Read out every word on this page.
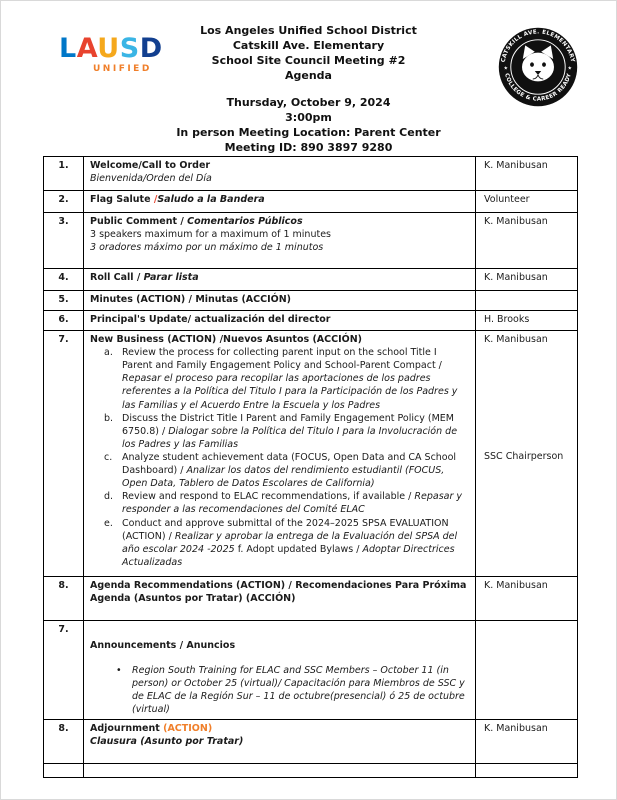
LAUSD
UNIFIED
CATSKILL AVE. ELEMENTARY
COLLEGE & CAREER READY
★	★
Los Angeles Unified School District
Catskill Ave. Elementary
School Site Council Meeting #2
Agenda
Thursday, October 9, 2024
3:00pm
In person Meeting Location: Parent Center
Meeting ID: 890 3897 9280
1.	Welcome/Call to Order
Bienvenida/Orden del Día	K. Manibusan

2.	Flag Salute /Saludo a la Bandera	Volunteer

3.	Public Comment / Comentarios Públicos
3 speakers maximum for a maximum of 1 minutes
3 oradores máximo por un máximo de 1 minutos	K. Manibusan

4.	Roll Call / Parar lista	K. Manibusan

5.	Minutes (ACTION) / Minutas (ACCIÓN)	

6.	Principal's Update/ actualización del director	H. Brooks

7.	New Business (ACTION) /Nuevos Asuntos (ACCIÓN)
a. Review the process for collecting parent input on the school Title I Parent and Family Engagement Policy and School-Parent Compact / Repasar el proceso para recopilar las aportaciones de los padres referentes a la Política del Titulo I para la Participación de los Padres y las Familias y el Acuerdo Entre la Escuela y los Padres
b. Discuss the District Title I Parent and Family Engagement Policy (MEM 6750.8) / Dialogar sobre la Política del Titulo I para la Involucración de los Padres y las Familias
c.	Analyze student achievement data (FOCUS, Open Data and CA School Dashboard) / Analizar los datos del rendimiento estudiantil (FOCUS, Open Data, Tablero de Datos Escolares de California)
d. Review and respond to ELAC recommendations, if available / Repasar y responder a las recomendaciones del Comité ELAC
e. Conduct and approve submittal of the 2024–2025 SPSA EVALUATION (ACTION) / Realizar y aprobar la entrega de la Evaluación del SPSA del año escolar 2024 -2025 f. Adopt updated Bylaws / Adoptar Directrices Actualizadas

K. Manibusan
SSC Chairperson

8.	Agenda Recommendations (ACTION) / Recomendaciones Para Próxima Agenda (Asuntos por Tratar) (ACCIÓN)	K. Manibusan

7.	Announcements / Anuncios
• Region South Training for ELAC and SSC Members – October 11 (in person) or October 25 (virtual)/ Capacitación para Miembros de SSC y de ELAC de la Región Sur – 11 de octubre(presencial) ó 25 de octubre (virtual)	

8.	Adjournment (ACTION)
Clausura (Asunto por Tratar)	K. Manibusan
